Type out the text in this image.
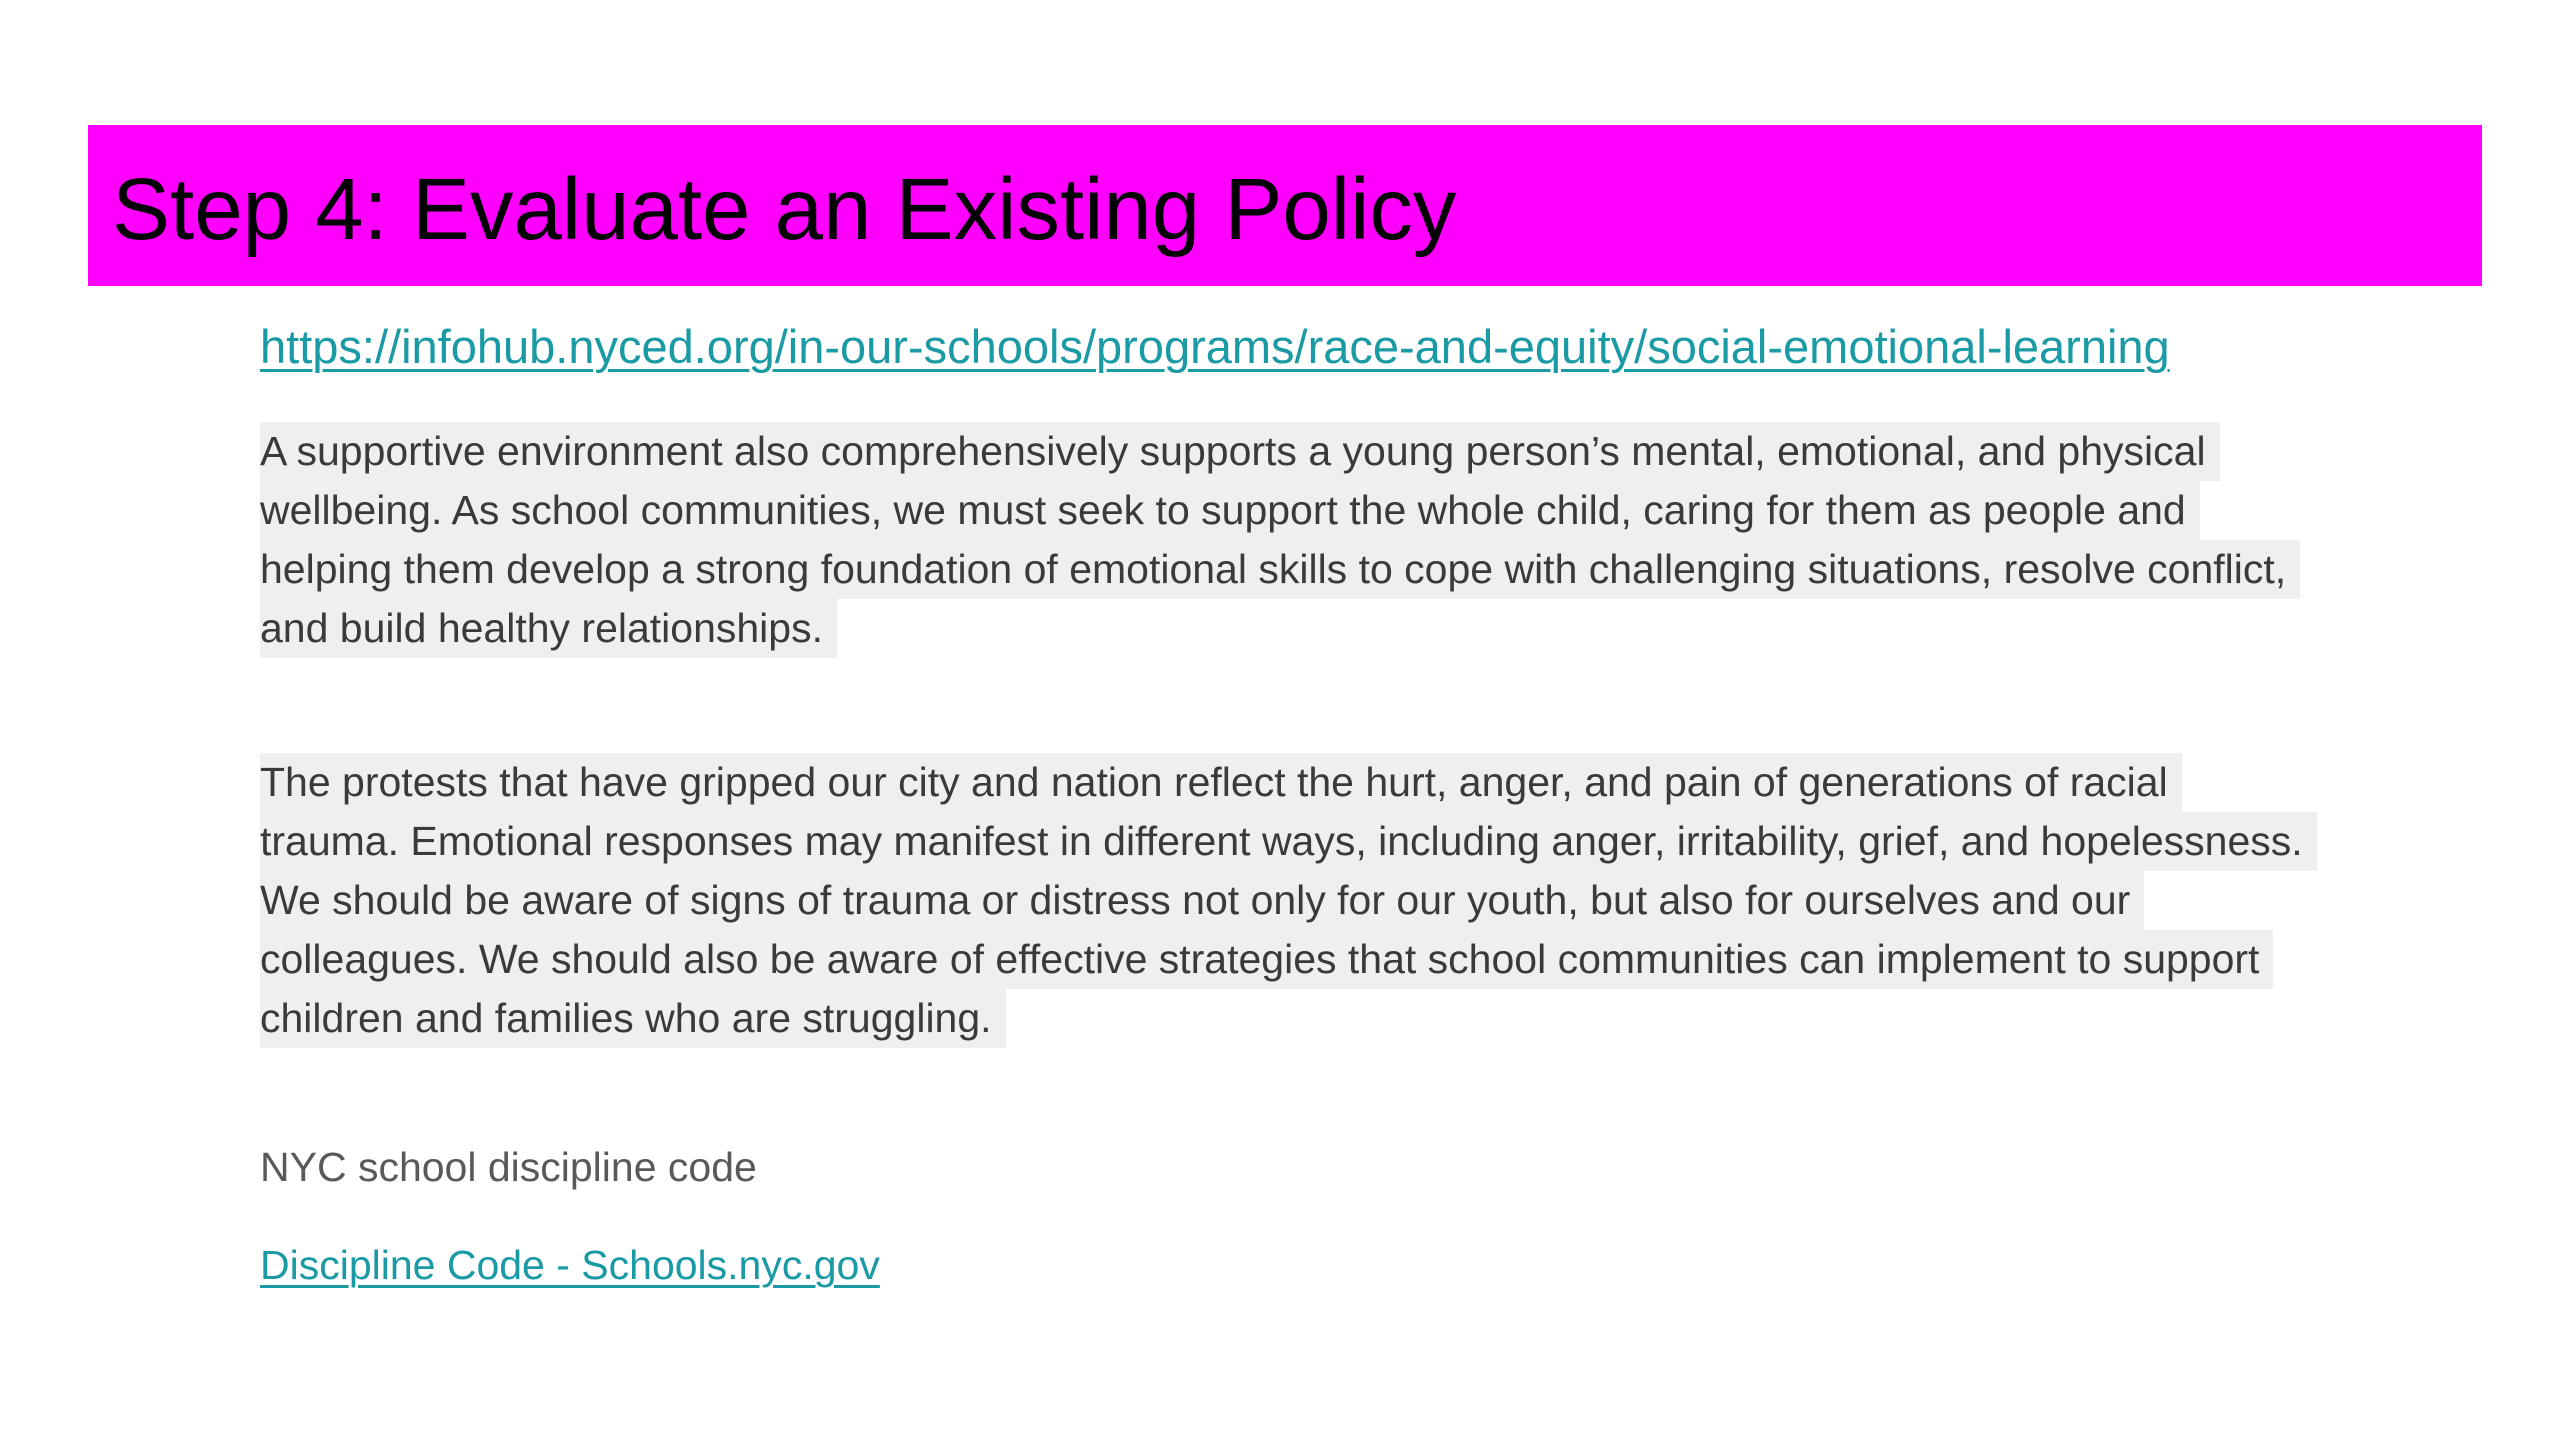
Step 4: Evaluate an Existing Policy
https://infohub.nyced.org/in-our-schools/programs/race-and-equity/social-emotional-learning

A supportive environment also comprehensively supports a young person’s mental, emotional, and physical
wellbeing. As school communities, we must seek to support the whole child, caring for them as people and
helping them develop a strong foundation of emotional skills to cope with challenging situations, resolve conflict,
and build healthy relationships.

The protests that have gripped our city and nation reflect the hurt, anger, and pain of generations of racial
trauma. Emotional responses may manifest in different ways, including anger, irritability, grief, and hopelessness.
We should be aware of signs of trauma or distress not only for our youth, but also for ourselves and our
colleagues. We should also be aware of effective strategies that school communities can implement to support
children and families who are struggling.

NYC school discipline code
Discipline Code - Schools.nyc.gov
